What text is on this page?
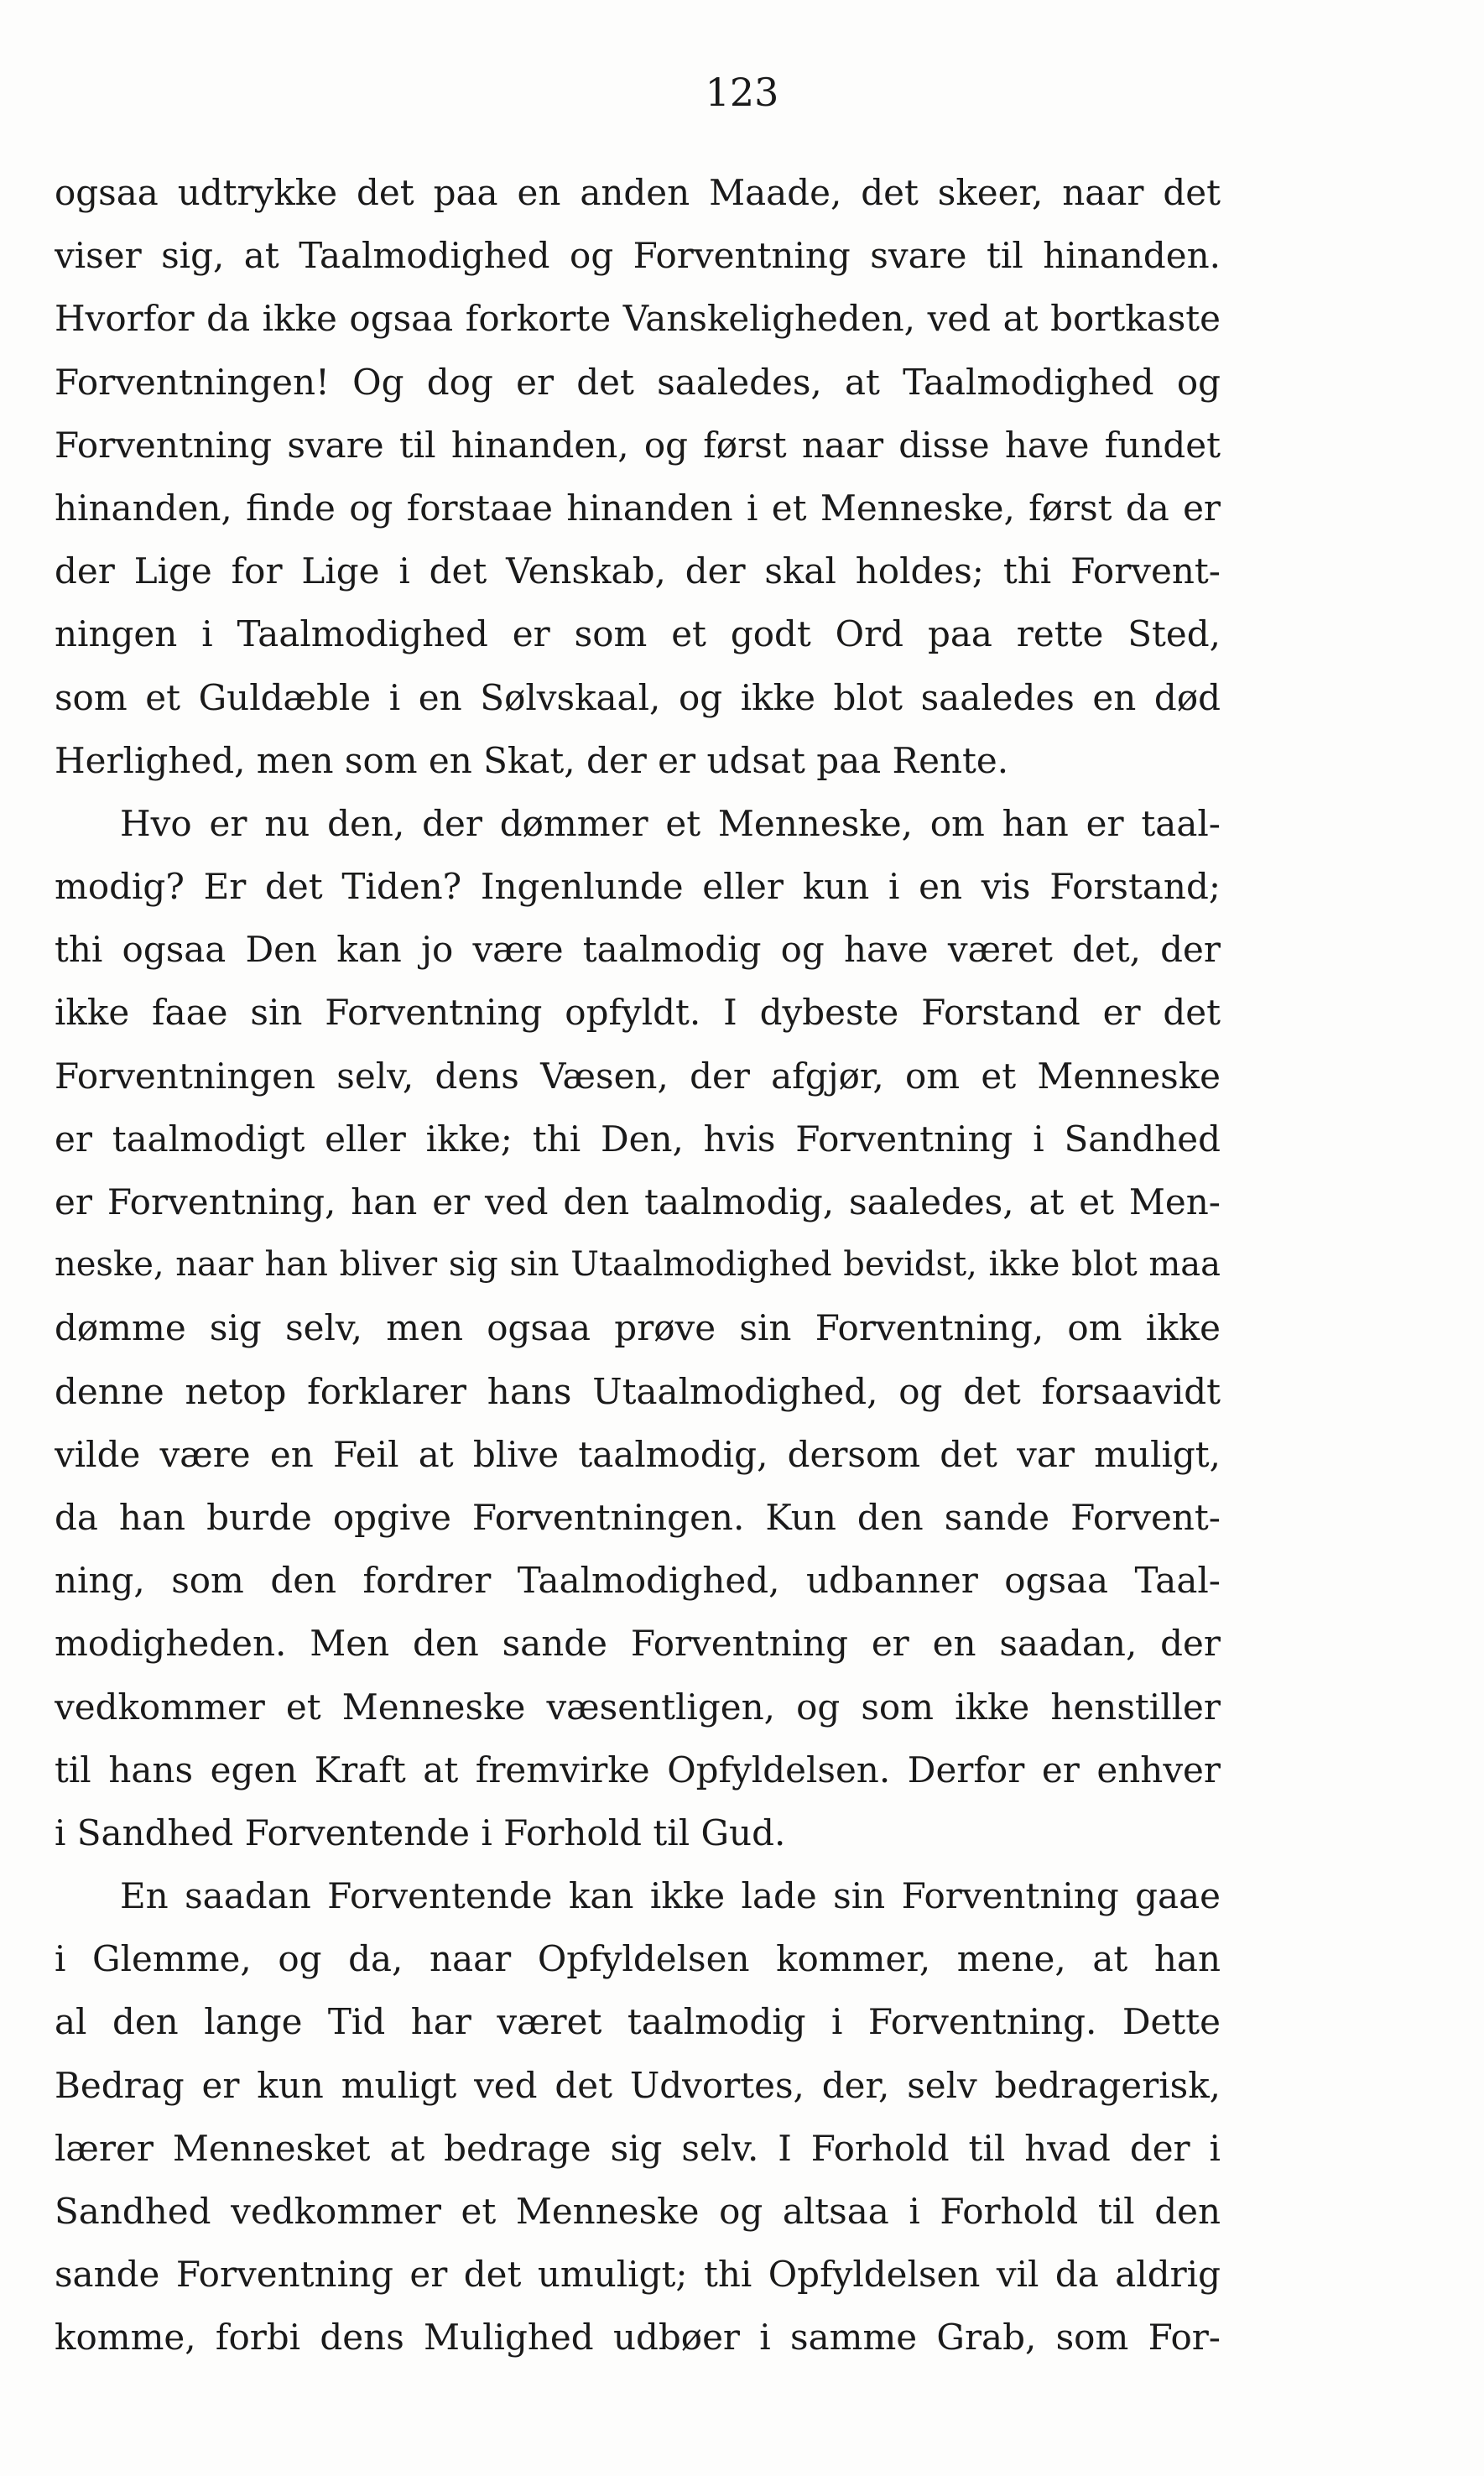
123
ogsaa udtrykke det paa en anden Maade, det skeer, naar det
viser sig, at Taalmodighed og Forventning svare til hinanden.
Hvorfor da ikke ogsaa forkorte Vanskeligheden, ved at bortkaste
Forventningen! Og dog er det saaledes, at Taalmodighed og
Forventning svare til hinanden, og først naar disse have fundet
hinanden, finde og forstaae hinanden i et Menneske, først da er
der Lige for Lige i det Venskab, der skal holdes; thi Forvent-
ningen i Taalmodighed er som et godt Ord paa rette Sted,
som et Guldæble i en Sølvskaal, og ikke blot saaledes en død
Herlighed, men som en Skat, der er udsat paa Rente.
Hvo er nu den, der dømmer et Menneske, om han er taal-
modig? Er det Tiden? Ingenlunde eller kun i en vis Forstand;
thi ogsaa Den kan jo være taalmodig og have været det, der
ikke faae sin Forventning opfyldt. I dybeste Forstand er det
Forventningen selv, dens Væsen, der afgjør, om et Menneske
er taalmodigt eller ikke; thi Den, hvis Forventning i Sandhed
er Forventning, han er ved den taalmodig, saaledes, at et Men-
neske, naar han bliver sig sin Utaalmodighed bevidst, ikke blot maa
dømme sig selv, men ogsaa prøve sin Forventning, om ikke
denne netop forklarer hans Utaalmodighed, og det forsaavidt
vilde være en Feil at blive taalmodig, dersom det var muligt,
da han burde opgive Forventningen. Kun den sande Forvent-
ning, som den fordrer Taalmodighed, udbanner ogsaa Taal-
modigheden. Men den sande Forventning er en saadan, der
vedkommer et Menneske væsentligen, og som ikke henstiller
til hans egen Kraft at fremvirke Opfyldelsen. Derfor er enhver
i Sandhed Forventende i Forhold til Gud.
En saadan Forventende kan ikke lade sin Forventning gaae
i Glemme, og da, naar Opfyldelsen kommer, mene, at han
al den lange Tid har været taalmodig i Forventning. Dette
Bedrag er kun muligt ved det Udvortes, der, selv bedragerisk,
lærer Mennesket at bedrage sig selv. I Forhold til hvad der i
Sandhed vedkommer et Menneske og altsaa i Forhold til den
sande Forventning er det umuligt; thi Opfyldelsen vil da aldrig
komme, forbi dens Mulighed udbøer i samme Grab, som For-
